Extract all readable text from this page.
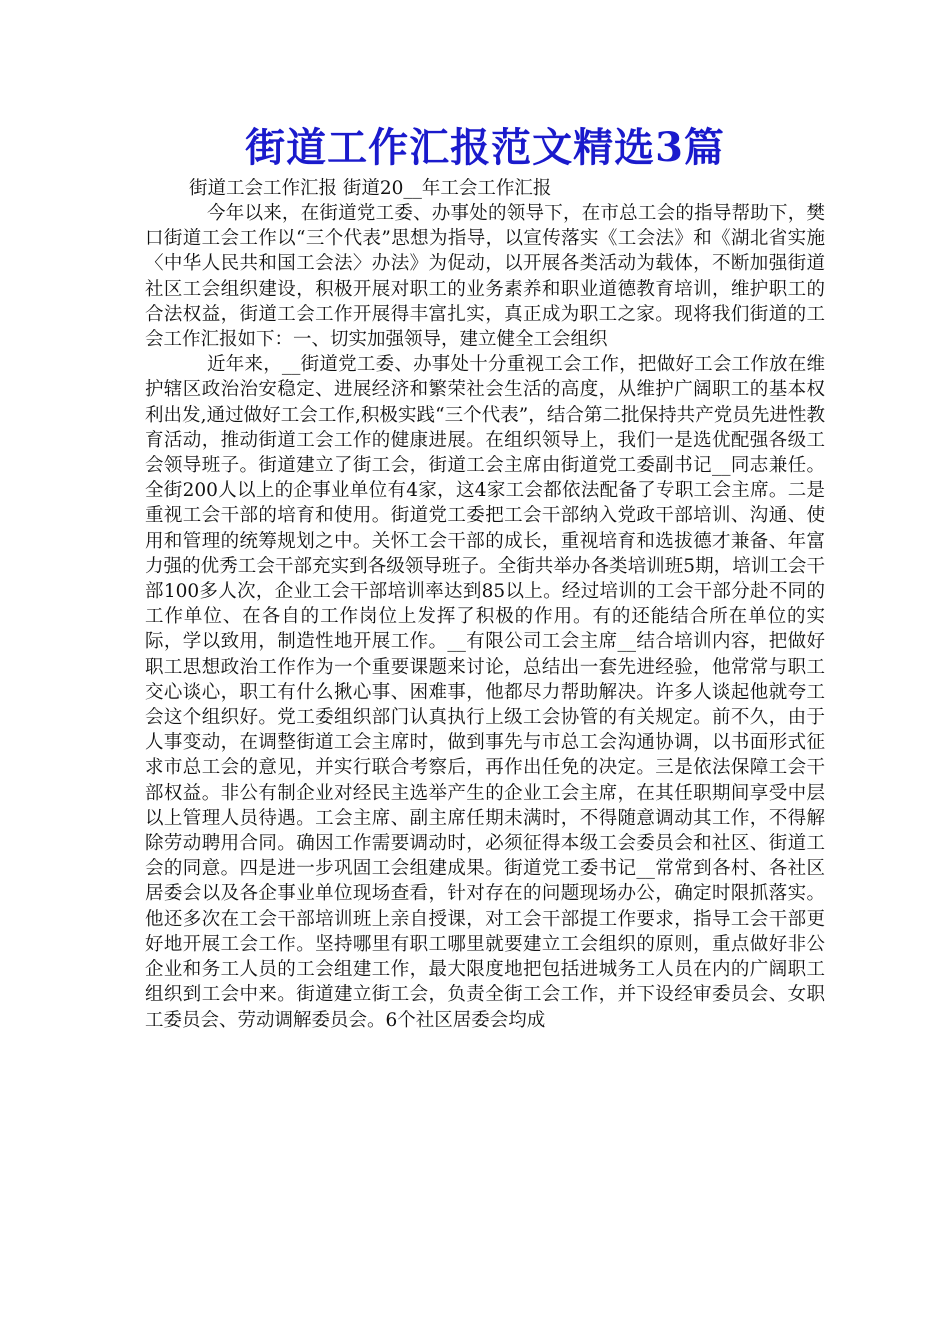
街道工作汇报范文精选3篇

街道工会工作汇报 街道20__年工会工作汇报

今年以来，在街道党工委、办事处的领导下，在市总工会的指导帮助下，樊口街道工会工作以“三个代表”思想为指导，以宣传落实《工会法》和《湖北省实施〈中华人民共和国工会法〉办法》为促动，以开展各类活动为载体，不断加强街道社区工会组织建设，积极开展对职工的业务素养和职业道德教育培训，维护职工的合法权益，街道工会工作开展得丰富扎实，真正成为职工之家。现将我们街道的工会工作汇报如下：一、切实加强领导，建立健全工会组织

近年来，__街道党工委、办事处十分重视工会工作，把做好工会工作放在维护辖区政治治安稳定、进展经济和繁荣社会生活的高度，从维护广阔职工的基本权利出发,通过做好工会工作,积极实践“三个代表”，结合第二批保持共产党员先进性教育活动，推动街道工会工作的健康进展。在组织领导上，我们一是选优配强各级工会领导班子。街道建立了街工会，街道工会主席由街道党工委副书记__同志兼任。全街200人以上的企事业单位有4家，这4家工会都依法配备了专职工会主席。二是重视工会干部的培育和使用。街道党工委把工会干部纳入党政干部培训、沟通、使用和管理的统筹规划之中。关怀工会干部的成长，重视培育和选拔德才兼备、年富力强的优秀工会干部充实到各级领导班子。全街共举办各类培训班5期，培训工会干部100多人次，企业工会干部培训率达到85以上。经过培训的工会干部分赴不同的工作单位、在各自的工作岗位上发挥了积极的作用。有的还能结合所在单位的实际，学以致用，制造性地开展工作。__有限公司工会主席__结合培训内容，把做好职工思想政治工作作为一个重要课题来讨论，总结出一套先进经验，他常常与职工交心谈心，职工有什么揪心事、困难事，他都尽力帮助解决。许多人谈起他就夸工会这个组织好。党工委组织部门认真执行上级工会协管的有关规定。前不久，由于人事变动，在调整街道工会主席时，做到事先与市总工会沟通协调，以书面形式征求市总工会的意见，并实行联合考察后，再作出任免的决定。三是依法保障工会干部权益。非公有制企业对经民主选举产生的企业工会主席，在其任职期间享受中层以上管理人员待遇。工会主席、副主席任期未满时，不得随意调动其工作，不得解除劳动聘用合同。确因工作需要调动时，必须征得本级工会委员会和社区、街道工会的同意。四是进一步巩固工会组建成果。街道党工委书记__常常到各村、各社区居委会以及各企事业单位现场查看，针对存在的问题现场办公，确定时限抓落实。他还多次在工会干部培训班上亲自授课，对工会干部提工作要求，指导工会干部更好地开展工会工作。坚持哪里有职工哪里就要建立工会组织的原则，重点做好非公企业和务工人员的工会组建工作，最大限度地把包括进城务工人员在内的广阔职工组织到工会中来。街道建立街工会，负责全街工会工作，并下设经审委员会、女职工委员会、劳动调解委员会。6个社区居委会均成
